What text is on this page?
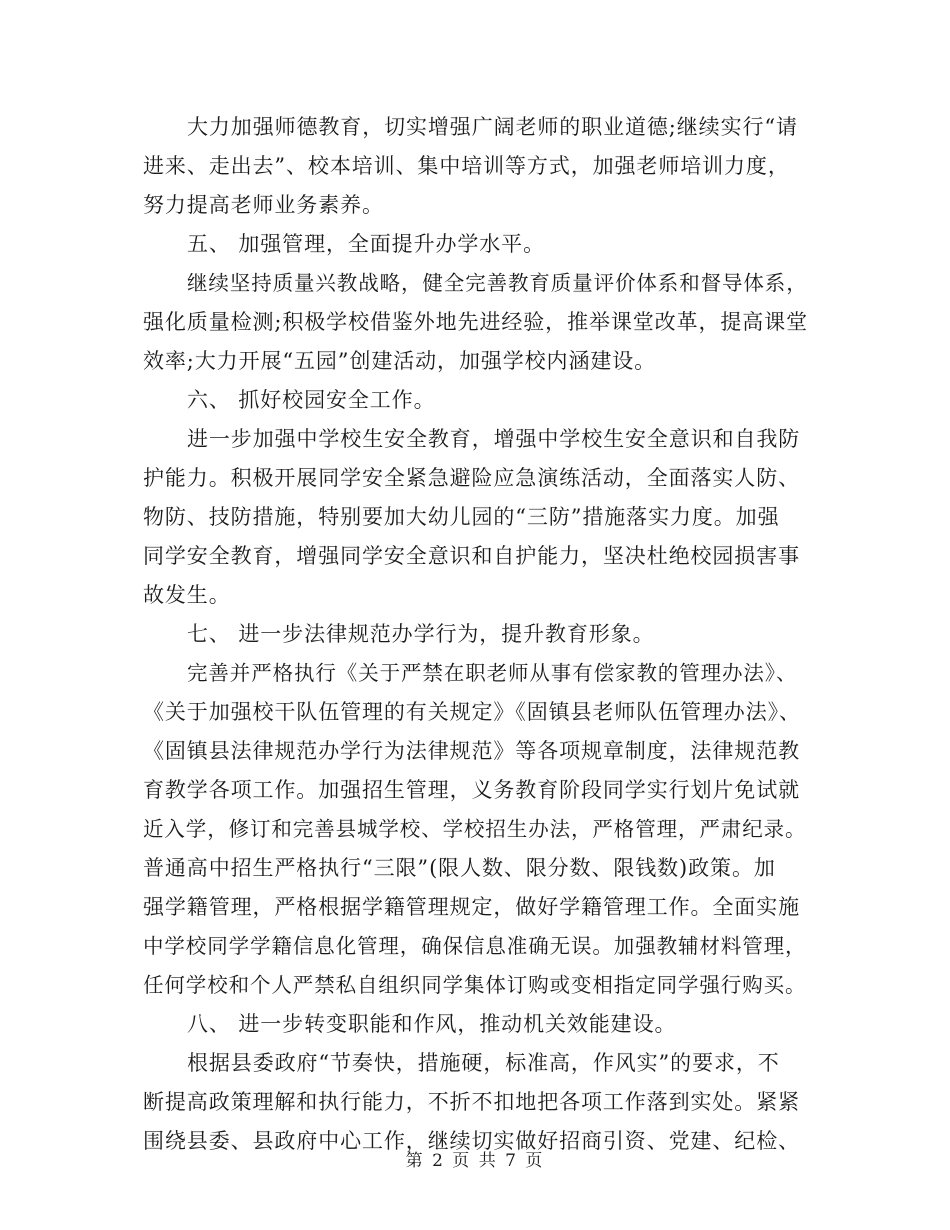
大力加强师德教育，切实增强广阔老师的职业道德;继续实行“请
进来、走出去”、校本培训、集中培训等方式，加强老师培训力度，
努力提高老师业务素养。
五、 加强管理，全面提升办学水平。
继续坚持质量兴教战略，健全完善教育质量评价体系和督导体系，
强化质量检测;积极学校借鉴外地先进经验，推举课堂改革，提高课堂
效率;大力开展“五园”创建活动，加强学校内涵建设。
六、 抓好校园安全工作。
进一步加强中学校生安全教育，增强中学校生安全意识和自我防
护能力。积极开展同学安全紧急避险应急演练活动，全面落实人防、
物防、技防措施，特别要加大幼儿园的“三防”措施落实力度。加强
同学安全教育，增强同学安全意识和自护能力，坚决杜绝校园损害事
故发生。
七、 进一步法律规范办学行为，提升教育形象。
完善并严格执行《关于严禁在职老师从事有偿家教的管理办法》、
《关于加强校干队伍管理的有关规定》《固镇县老师队伍管理办法》、
《固镇县法律规范办学行为法律规范》等各项规章制度，法律规范教
育教学各项工作。加强招生管理，义务教育阶段同学实行划片免试就
近入学，修订和完善县城学校、学校招生办法，严格管理，严肃纪录。
普通高中招生严格执行“三限”(限人数、限分数、限钱数)政策。加
强学籍管理，严格根据学籍管理规定，做好学籍管理工作。全面实施
中学校同学学籍信息化管理，确保信息准确无误。加强教辅材料管理，
任何学校和个人严禁私自组织同学集体订购或变相指定同学强行购买。
八、 进一步转变职能和作风，推动机关效能建设。
根据县委政府“节奏快，措施硬，标准高，作风实”的要求，不
断提高政策理解和执行能力，不折不扣地把各项工作落到实处。紧紧
围绕县委、县政府中心工作，继续切实做好招商引资、党建、纪检、
第 2 页 共 7 页
